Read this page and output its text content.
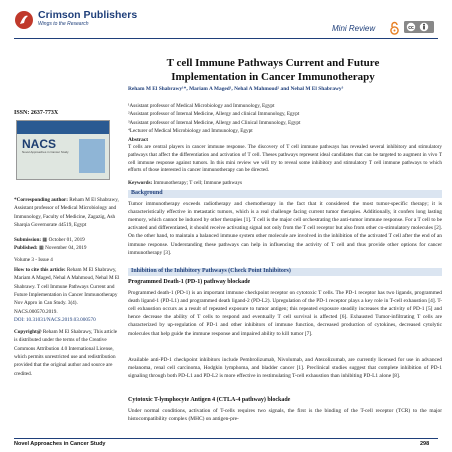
Crimson Publishers
Wings to the Research	Mini Review	cc
T cell Immune Pathways Current and Future
Implementation in Cancer Immunotherapy
Reham M El Shabrawy¹*, Mariam A Maged¹, Nehal A Mahmoud² and Nehal M El Shabrawy³
¹Assistant professor of Medical Microbiology and Immunology, Egypt
²Assistant professor of Internal Medicine, Allergy and clinical Immunology, Egypt
³Assistant professor of Internal Medicine, Allergy and Clinical Immunology, Egypt
⁴Lecturer of Medical Microbiology and Immunology, Egypt
ISSN: 2637-773X
NACS
Novel Approaches in Cancer Study
*Corresponding author: Reham M El Shabrawy, Assistant professor of Medical Microbiology and Immunology, Faculty of Medicine, Zagazig, Ash Sharqia Governorate 44519, Egypt
Submission: ▦ October 01, 2019
Published: ▦ November 04, 2019
Volume 3 - Issue 4
How to cite this article: Reham M El Shabrawy, Mariam A Maged, Nehal A Mahmoud, Nehal M El Shabrawy. T cell Immune Pathways Current and Future Implementation in Cancer Immunotherapy Nov Appro in Can Study. 3(4). NACS.000570.2019.
DOI: 10.31031/NACS.2019.03.000570
Copyright@ Reham M El Shabrawy, This article is distributed under the terms of the Creative Commons Attribution 4.0 International License, which permits unrestricted use and redistribution provided that the original author and source are credited.
Abstract
T cells are central players in cancer immune response. The discovery of T cell immune pathways has revealed several inhibitory and stimulatory pathways that affect the differentiation and activation of T cell. Theses pathways represent ideal candidates that can be targeted to augment in vivo T cell immune response against tumors. In this mini review we will try to reveal some inhibitory and stimulatory T cell immune pathways to which efforts of those interested in cancer immunotherapy can be directed.
Keywords: Immunotherapy; T cell; Immune pathways
Background
Tumor immunotherapy exceeds radiotherapy and chemotherapy in the fact that it considered the most tumor-specific therapy; it is characteristically effective in metastatic tumors, which is a real challenge facing current tumor therapies. Additionally, it confers long lasting memory, which cannot be induced by other therapies [1]. T cell is the major cell orchestrating the anti-tumor immune response. For a T cell to be activated and differentiated, it should receive activating signal not only from the T cell receptor but also from other co-stimulatory molecules [2]. On the other hand, to maintain a balanced immune system other molecule are involved in the inhibition of the activated T cell after the end of an immune response. Understanding these pathways can help in influencing the activity of T cell and thus provide other options for cancer immunotherapy [3].
Inhibition of the Inhibitory Pathways (Check Point Inhibitors)
Programmed Death-1 (PD-1) pathway blockade
Programmed death-1 (PD-1) is an important immune checkpoint receptor on cytotoxic T cells. The PD-1 receptor has two ligands, programmed death ligand-1 (PD-L1) and programmed death ligand-2 (PD-L2). Upregulation of the PD-1 receptor plays a key role in T-cell exhaustion [4]. T-cell exhaustion occurs as a result of repeated exposure to tumor antigen; this repeated exposure steadily increases the activity of PD-1 [5] and hence decrease the ability of T cells to respond and eventually T cell survival is affected [6]. Exhausted Tumor-infiltrating T cells are characterized by up-regulation of PD-1 and other inhibitors of immune function, decreased production of cytokines, decreased cytolytic molecules that help guide the immune response and impaired ability to kill tumor [7].
Available anti-PD-1 checkpoint inhibitors include Pembrolizumab, Nivolumab, and Atezolizumab, are currently licensed for use in advanced melanoma, renal cell carcinoma, Hodgkin lymphoma, and bladder cancer [1]. Preclinical studies suggest that complete inhibition of PD-1 signaling through both PD-L1 and PD-L2 is more effective in restimulating T-cell exhaustion than inhibiting PD-L1 alone [8].
Cytotoxic T-lymphocyte Antigen 4 (CTLA-4 pathway) blockade
Under normal conditions, activation of T-cells requires two signals, the first is the binding of the T-cell receptor (TCR) to the major histocompatibility complex (MHC) on antigen-pre-
Novel Approaches in Cancer Study	298
